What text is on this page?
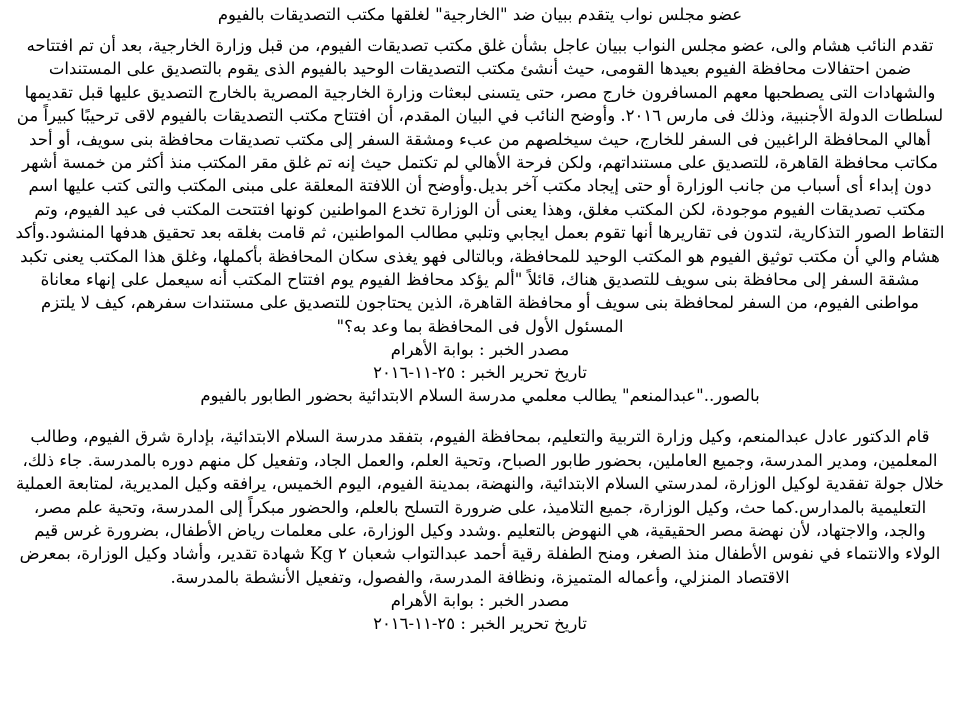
عضو مجلس نواب يتقدم ببيان ضد "الخارجية" لغلقها مكتب التصديقات بالفيوم

تقدم النائب هشام والى، عضو مجلس النواب ببيان عاجل بشأن غلق مكتب تصديقات الفيوم، من قبل وزارة الخارجية، بعد أن تم افتتاحه ضمن احتفالات محافظة الفيوم بعيدها القومى، حيث أنشئ مكتب التصديقات الوحيد بالفيوم الذى يقوم بالتصديق على المستندات والشهادات التى يصطحبها معهم المسافرون خارج مصر، حتى يتسنى لبعثات وزارة الخارجية المصرية بالخارج التصديق عليها قبل تقديمها لسلطات الدولة الأجنبية، وذلك فى مارس ٢٠١٦. وأوضح النائب في البيان المقدم، أن افتتاح مكتب التصديقات بالفيوم لاقى ترحيبًا كبيراً من أهالي المحافظة الراغبين فى السفر للخارج، حيث سيخلصهم من عبء ومشقة السفر إلى مكتب تصديقات محافظة بنى سويف، أو أحد مكاتب محافظة القاهرة، للتصديق على مستنداتهم، ولكن فرحة الأهالي لم تكتمل حيث إنه تم غلق مقر المكتب منذ أكثر من خمسة أشهر دون إبداء أى أسباب من جانب الوزارة أو حتى إيجاد مكتب آخر بديل.وأوضح أن اللافتة المعلقة على مبنى المكتب والتى كتب عليها اسم مكتب تصديقات الفيوم موجودة، لكن المكتب مغلق، وهذا يعنى أن الوزارة تخدع المواطنين كونها افتتحت المكتب فى عيد الفيوم، وتم التقاط الصور التذكارية، لتدون فى تقاريرها أنها تقوم بعمل ايجابي وتلبي مطالب المواطنين، ثم قامت بغلقه بعد تحقيق هدفها المنشود.وأكد هشام والي أن مكتب توثيق الفيوم هو المكتب الوحيد للمحافظة، وبالتالى فهو يغذى سكان المحافظة بأكملها، وغلق هذا المكتب يعنى تكبد مشقة السفر إلى محافظة بنى سويف للتصديق هناك، قائلاً "ألم يؤكد محافظ الفيوم يوم افتتاح المكتب أنه سيعمل على إنهاء معاناة مواطنى الفيوم، من السفر لمحافظة بنى سويف أو محافظة القاهرة، الذين يحتاجون للتصديق على مستندات سفرهم، كيف لا يلتزم المسئول الأول فى المحافظة بما وعد به؟"

مصدر الخبر : بوابة الأهرام

تاريخ تحرير الخبر : ٢٥-١١-٢٠١٦

بالصور.."عبدالمنعم" يطالب معلمي مدرسة السلام الابتدائية بحضور الطابور بالفيوم

قام الدكتور عادل عبدالمنعم، وكيل وزارة التربية والتعليم، بمحافظة الفيوم، بتفقد مدرسة السلام الابتدائية، بإدارة شرق الفيوم، وطالب المعلمين، ومدير المدرسة، وجميع العاملين، بحضور طابور الصباح، وتحية العلم، والعمل الجاد، وتفعيل كل منهم دوره بالمدرسة. جاء ذلك، خلال جولة تفقدية لوكيل الوزارة، لمدرستي السلام الابتدائية، والنهضة، بمدينة الفيوم، اليوم الخميس، يرافقه وكيل المديرية، لمتابعة العملية التعليمية بالمدارس.كما حث، وكيل الوزارة، جميع التلاميذ، على ضرورة التسلح بالعلم، والحضور مبكراً إلى المدرسة، وتحية علم مصر، والجد، والاجتهاد، لأن نهضة مصر الحقيقية، هي النهوض بالتعليم .وشدد وكيل الوزارة، على معلمات رياض الأطفال، بضرورة غرس قيم الولاء والانتماء في نفوس الأطفال منذ الصغر، ومنح الطفلة رقية أحمد عبدالتواب شعبان ٢ Kg شهادة تقدير، وأشاد وكيل الوزارة، بمعرض الاقتصاد المنزلي، وأعماله المتميزة، ونظافة المدرسة، والفصول، وتفعيل الأنشطة بالمدرسة.

مصدر الخبر : بوابة الأهرام

تاريخ تحرير الخبر : ٢٥-١١-٢٠١٦
